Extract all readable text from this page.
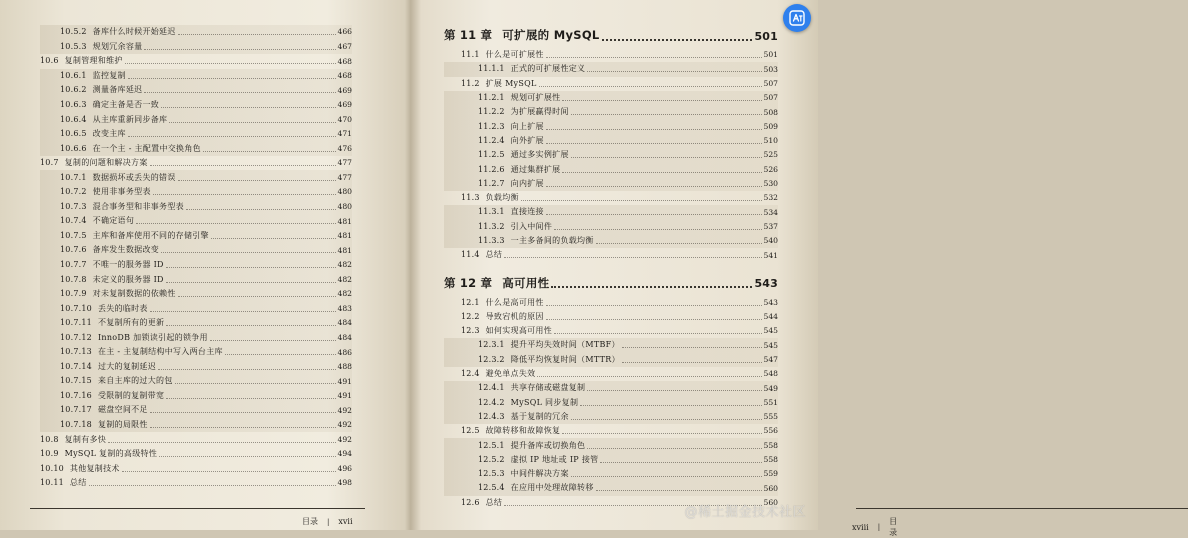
10.5.2 备库什么时候开始延迟	466
10.5.3 规划冗余容量	467
10.6 复制管理和维护	468
10.6.1 监控复制	468
10.6.2 测量备库延迟	469
10.6.3 确定主备是否一致	469
10.6.4 从主库重新同步备库	470
10.6.5 改变主库	471
10.6.6 在一个主 - 主配置中交换角色	476
10.7 复制的问题和解决方案	477
10.7.1 数据损坏或丢失的错误	477
10.7.2 使用非事务型表	480
10.7.3 混合事务型和非事务型表	480
10.7.4 不确定语句	481
10.7.5 主库和备库使用不同的存储引擎	481
10.7.6 备库发生数据改变	481
10.7.7 不唯一的服务器 ID	482
10.7.8 未定义的服务器 ID	482
10.7.9 对未复制数据的依赖性	482
10.7.10 丢失的临时表	483
10.7.11 不复制所有的更新	484
10.7.12 InnoDB 加锁读引起的锁争用	484
10.7.13 在主 - 主复制结构中写入两台主库	486
10.7.14 过大的复制延迟	488
10.7.15 来自主库的过大的包	491
10.7.16 受限制的复制带宽	491
10.7.17 磁盘空间不足	492
10.7.18 复制的局限性	492
10.8 复制有多快	492
10.9 MySQL 复制的高级特性	494
10.10 其他复制技术	496
10.11 总结	498
目录 | xvii
第 11 章 可扩展的 MySQL	501
11.1 什么是可扩展性	501
11.1.1 正式的可扩展性定义	503
11.2 扩展 MySQL	507
11.2.1 规划可扩展性	507
11.2.2 为扩展赢得时间	508
11.2.3 向上扩展	509
11.2.4 向外扩展	510
11.2.5 通过多实例扩展	525
11.2.6 通过集群扩展	526
11.2.7 向内扩展	530
11.3 负载均衡	532
11.3.1 直接连接	534
11.3.2 引入中间件	537
11.3.3 一主多备间的负载均衡	540
11.4 总结	541
第 12 章 高可用性	543
12.1 什么是高可用性	543
12.2 导致宕机的原因	544
12.3 如何实现高可用性	545
12.3.1 提升平均失效时间（MTBF）	545
12.3.2 降低平均恢复时间（MTTR）	547
12.4 避免单点失效	548
12.4.1 共享存储或磁盘复制	549
12.4.2 MySQL 同步复制	551
12.4.3 基于复制的冗余	555
12.5 故障转移和故障恢复	556
12.5.1 提升备库或切换角色	558
12.5.2 虚拟 IP 地址或 IP 接管	558
12.5.3 中间件解决方案	559
12.5.4 在应用中处理故障转移	560
12.6 总结	560
xviii |
目录
@稀土掘金技术社区
